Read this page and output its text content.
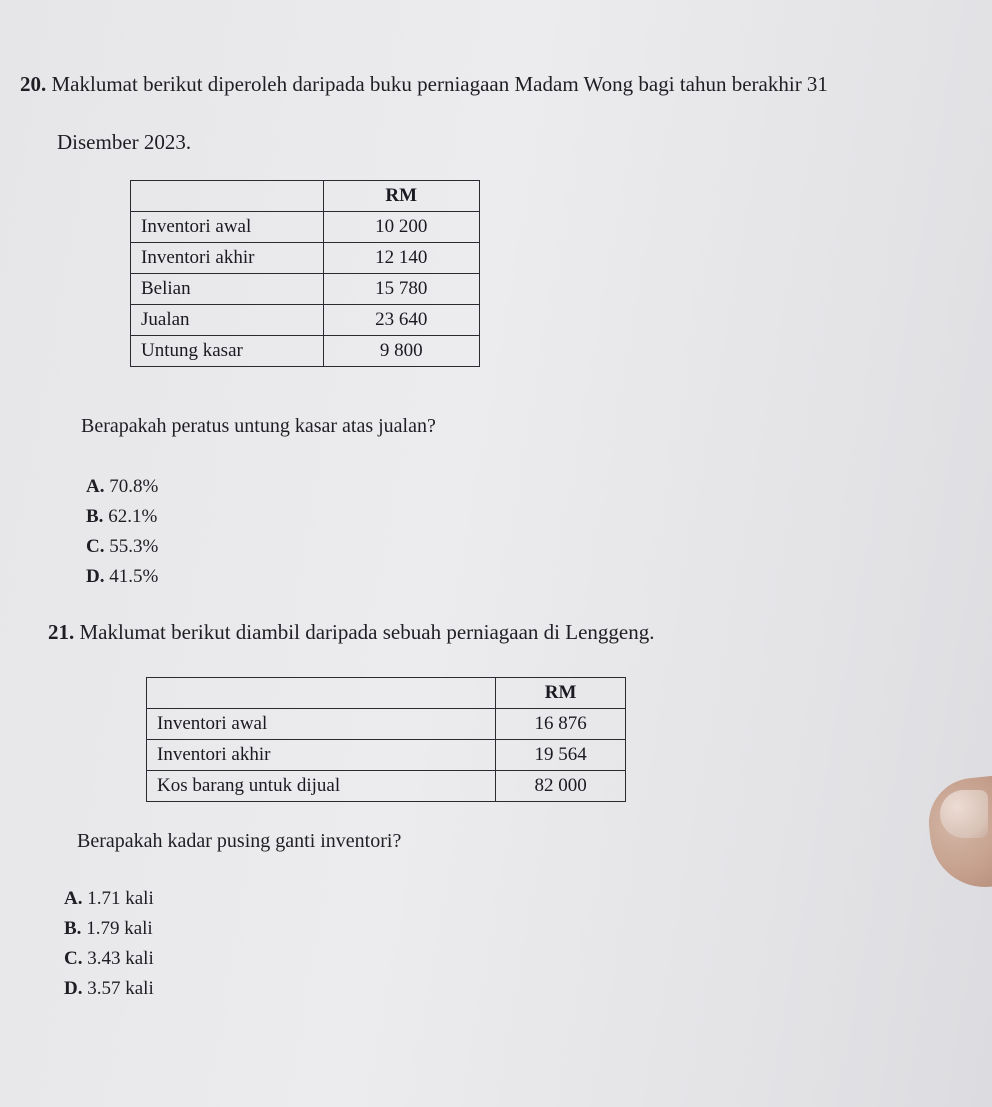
20. Maklumat berikut diperoleh daripada buku perniagaan Madam Wong bagi tahun berakhir 31
Disember 2023.
	RM
Inventori awal	10 200
Inventori akhir	12 140
Belian	15 780
Jualan	23 640
Untung kasar	9 800
Berapakah peratus untung kasar atas jualan?
A. 70.8%
B. 62.1%
C. 55.3%
D. 41.5%
21. Maklumat berikut diambil daripada sebuah perniagaan di Lenggeng.
	RM
Inventori awal	16 876
Inventori akhir	19 564
Kos barang untuk dijual	82 000
Berapakah kadar pusing ganti inventori?
A. 1.71 kali
B. 1.79 kali
C. 3.43 kali
D. 3.57 kali
